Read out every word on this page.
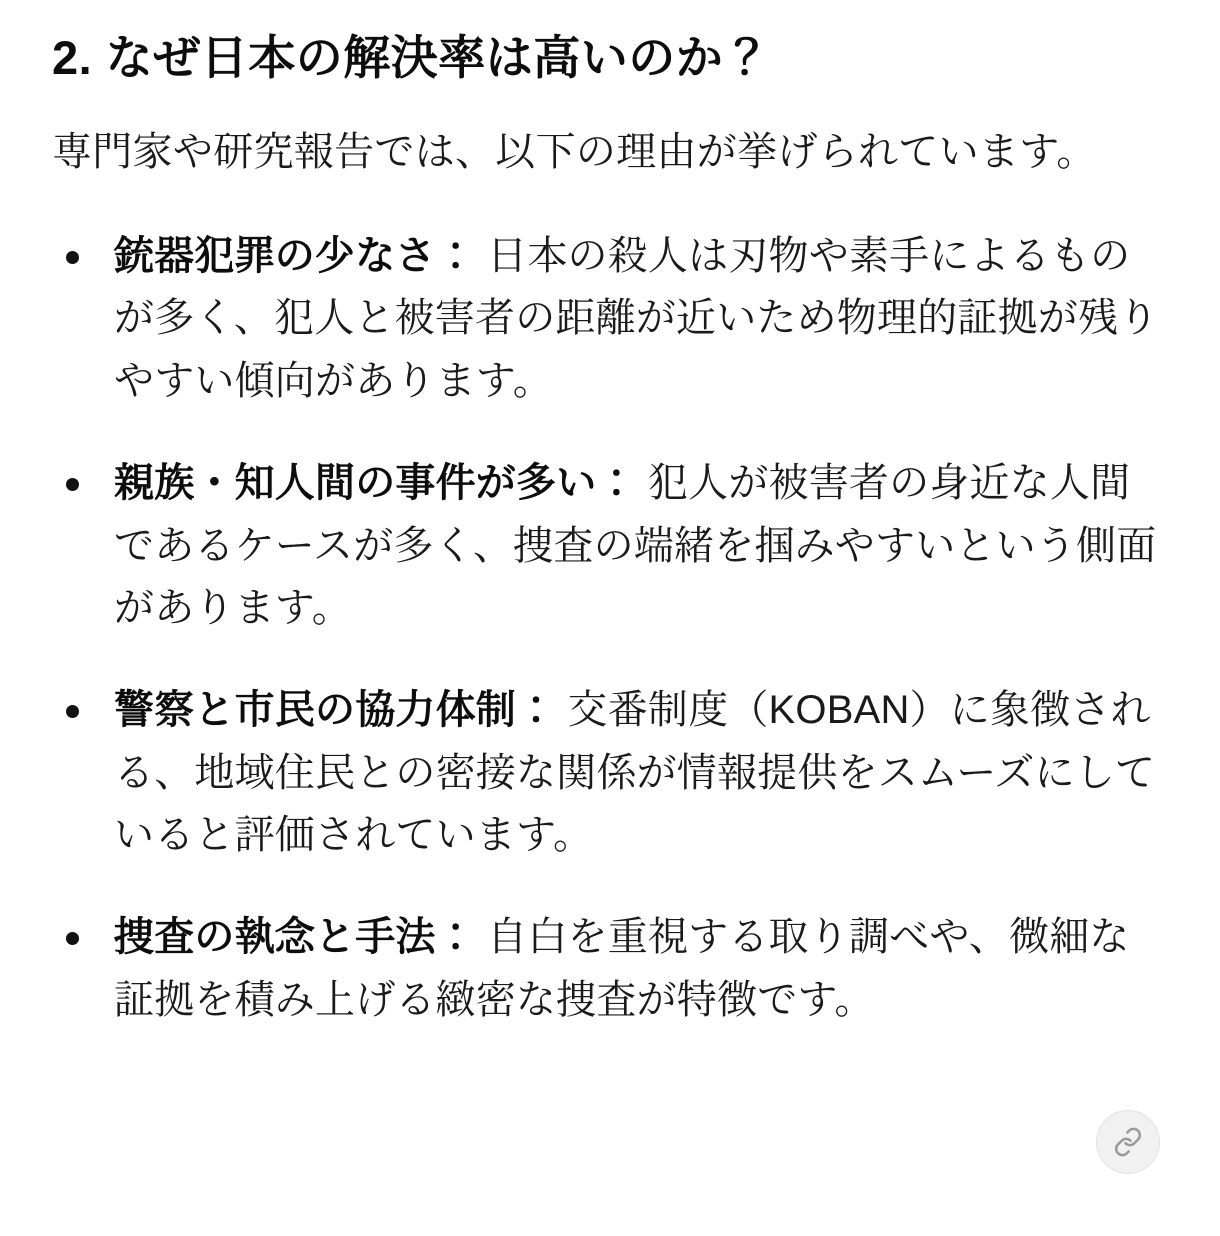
2. なぜ日本の解決率は高いのか？

専門家や研究報告では、以下の理由が挙げられています。

銃器犯罪の少なさ： 日本の殺人は刃物や素手によるものが多く、犯人と被害者の距離が近いため物理的証拠が残りやすい傾向があります。
親族・知人間の事件が多い： 犯人が被害者の身近な人間であるケースが多く、捜査の端緒を掴みやすいという側面があります。
警察と市民の協力体制： 交番制度（KOBAN）に象徴される、地域住民との密接な関係が情報提供をスムーズにしていると評価されています。
捜査の執念と手法： 自白を重視する取り調べや、微細な証拠を積み上げる緻密な捜査が特徴です。
